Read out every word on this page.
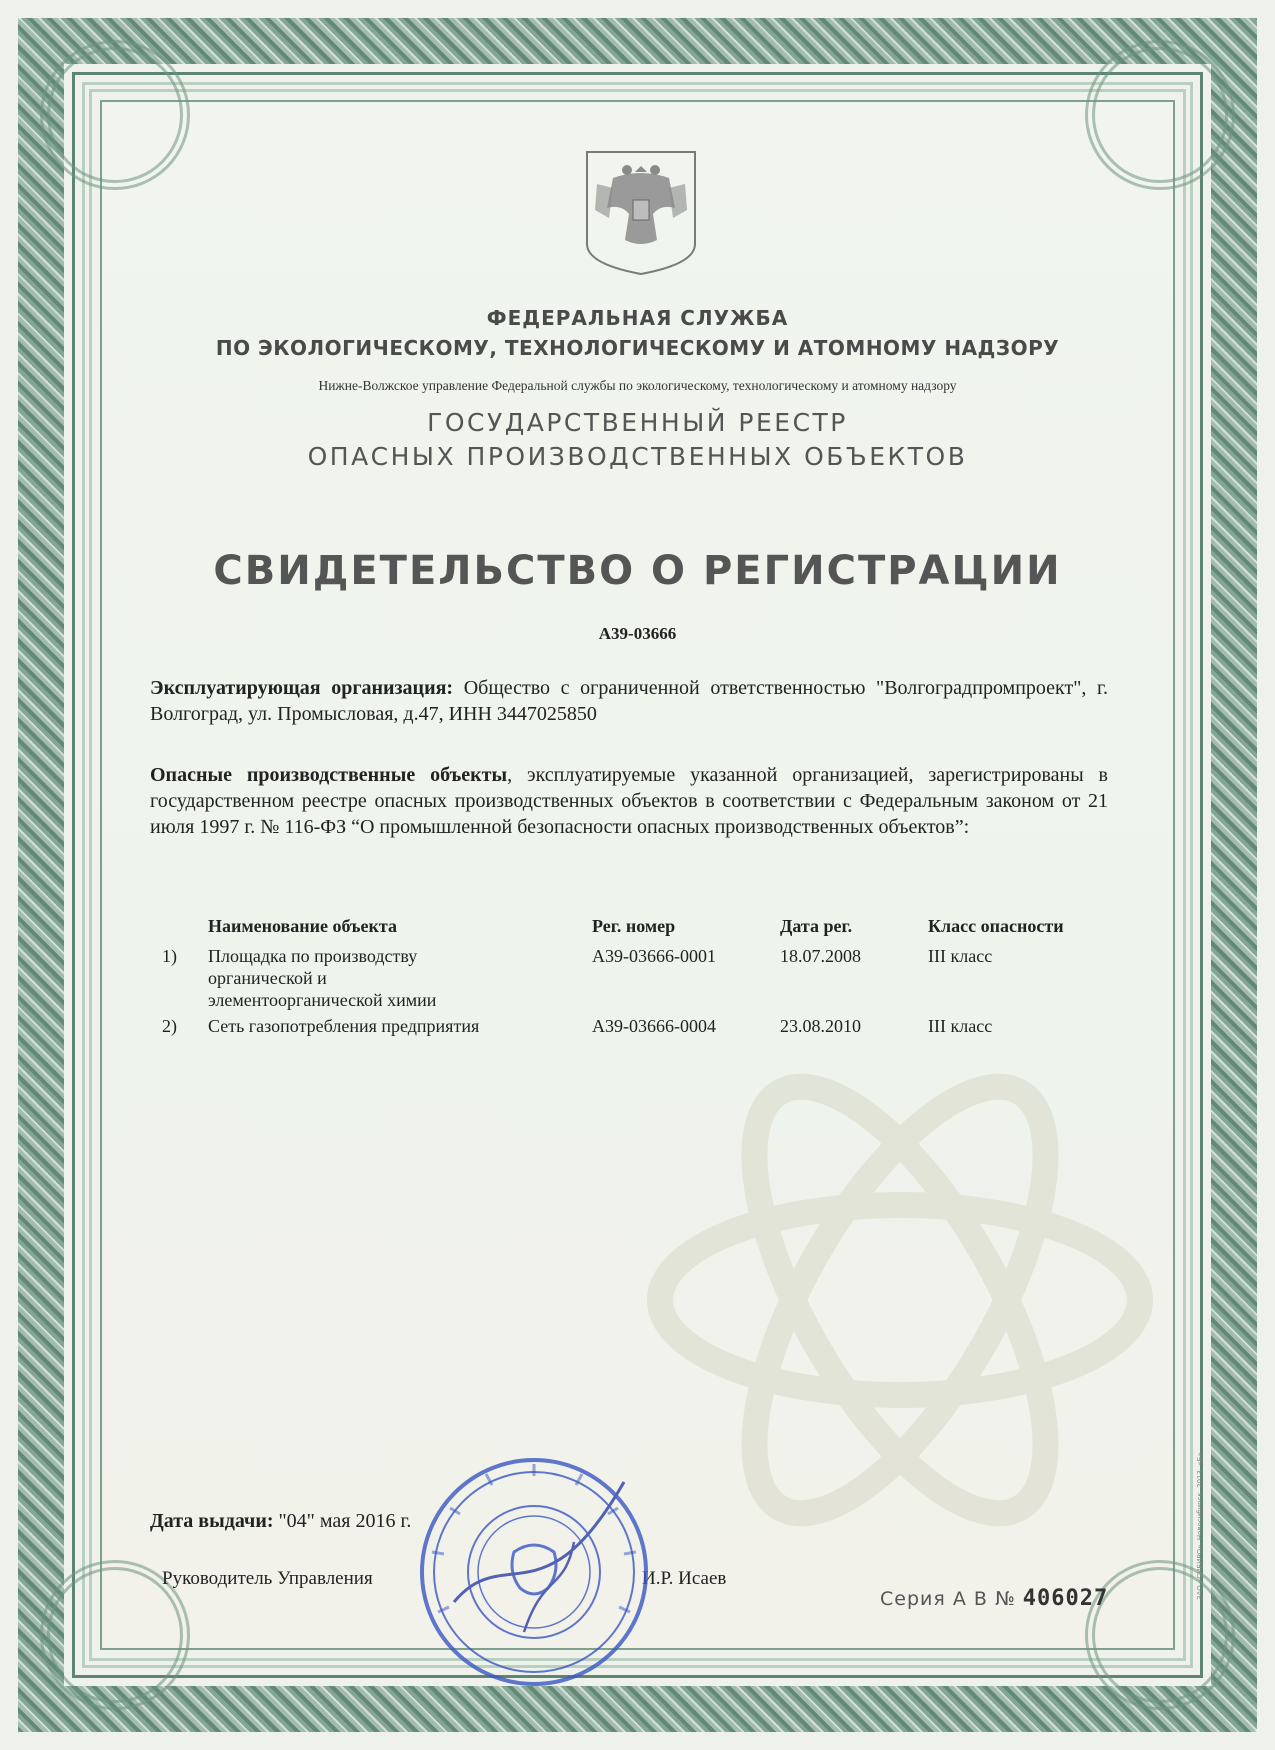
ФЕДЕРАЛЬНАЯ СЛУЖБА
ПО ЭКОЛОГИЧЕСКОМУ, ТЕХНОЛОГИЧЕСКОМУ И АТОМНОМУ НАДЗОРУ
Нижне-Волжское управление Федеральной службы по экологическому, технологическому и атомному надзору
ГОСУДАРСТВЕННЫЙ РЕЕСТР
ОПАСНЫХ ПРОИЗВОДСТВЕННЫХ ОБЪЕКТОВ
СВИДЕТЕЛЬСТВО О РЕГИСТРАЦИИ
А39-03666
Эксплуатирующая организация: Общество с ограниченной ответственностью "Волгоградпромпроект", г. Волгоград, ул. Промысловая, д.47, ИНН 3447025850
Опасные производственные объекты, эксплуатируемые указанной организацией, зарегистрированы в государственном реестре опасных производственных объектов в соответствии с Федеральным законом от 21 июля 1997 г. № 116-ФЗ “О промышленной безопасности опасных производственных объектов”:
Наименование объекта	Рег. номер	Дата рег.	Класс опасности
1)	Площадка по производству	А39-03666-0001	18.07.2008	III класс
органической и
элементоорганической химии
2)	Сеть газопотребления предприятия	А39-03666-0004	23.08.2010	III класс
Дата выдачи: "04" мая 2016 г.
Руководитель Управления	И.Р. Исаев
Серия А В № 406027	ЗАО «СИБИРО», Новосибирск, 2013, «Б»
